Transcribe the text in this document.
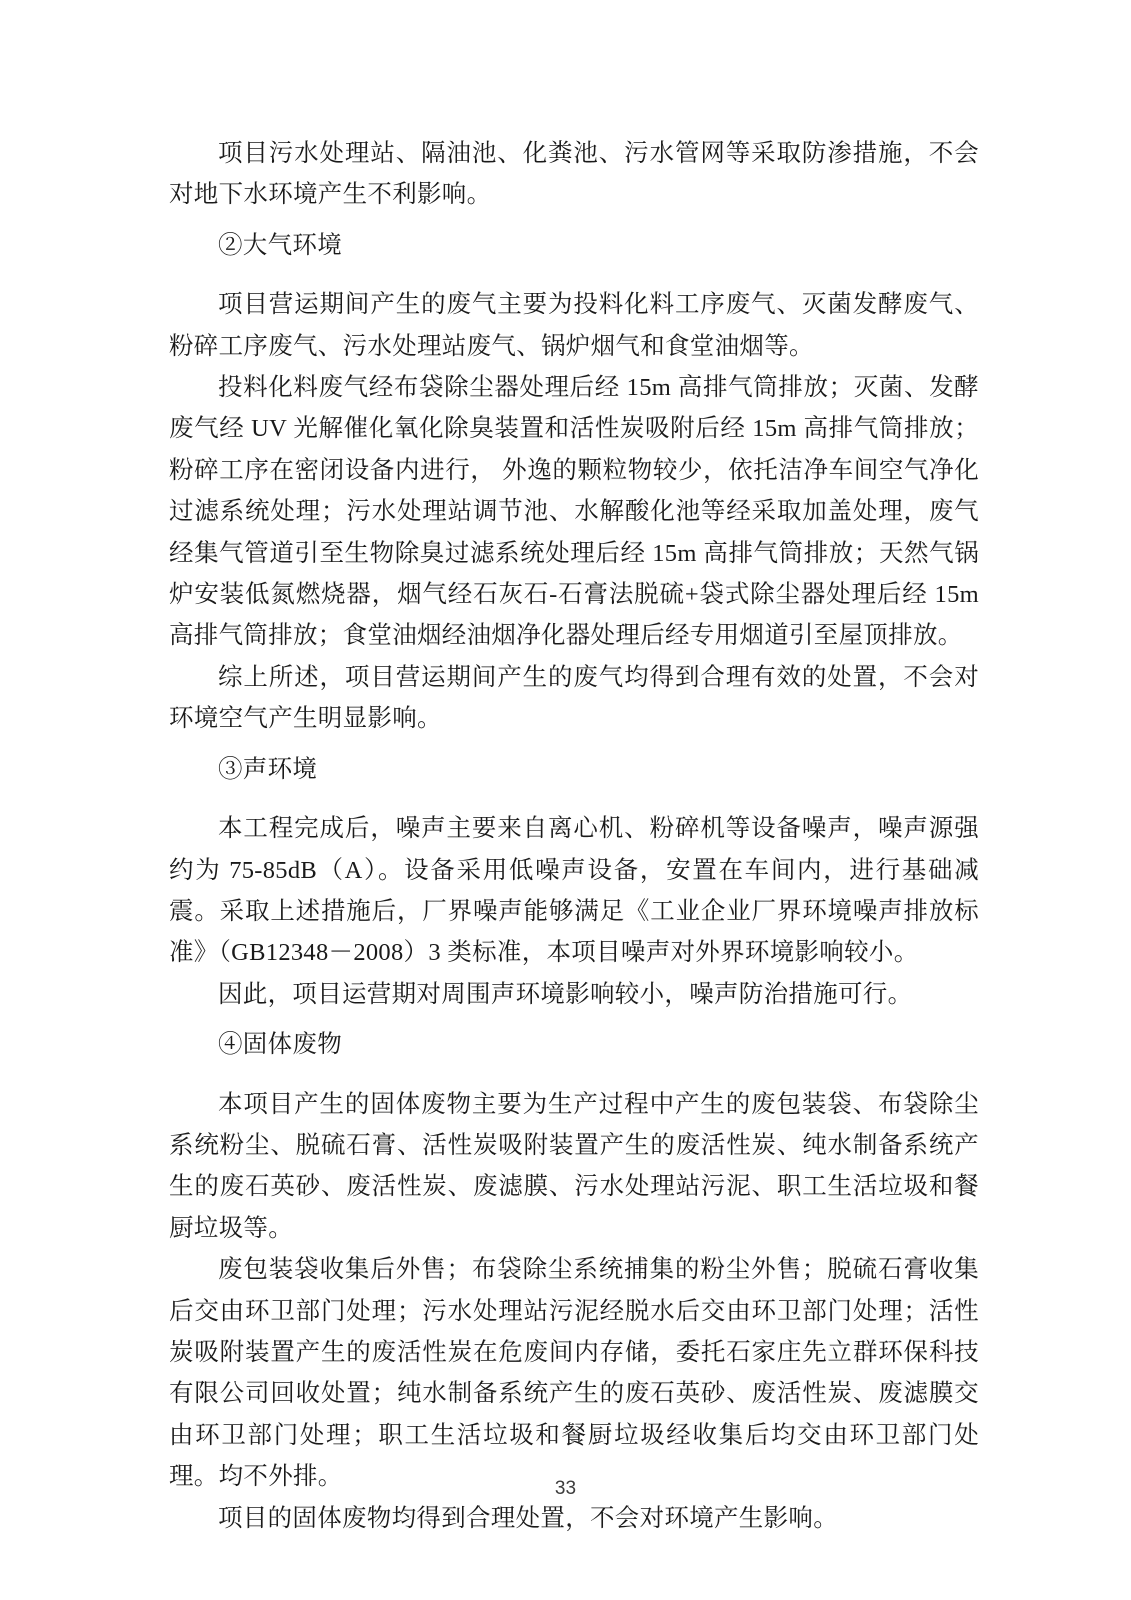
项目污水处理站、隔油池、化粪池、污水管网等采取防渗措施，不会对地下水环境产生不利影响。

②大气环境

项目营运期间产生的废气主要为投料化料工序废气、灭菌发酵废气、粉碎工序废气、污水处理站废气、锅炉烟气和食堂油烟等。

投料化料废气经布袋除尘器处理后经 15m 高排气筒排放；灭菌、发酵废气经 UV 光解催化氧化除臭装置和活性炭吸附后经 15m 高排气筒排放；粉碎工序在密闭设备内进行， 外逸的颗粒物较少，依托洁净车间空气净化过滤系统处理；污水处理站调节池、水解酸化池等经采取加盖处理，废气经集气管道引至生物除臭过滤系统处理后经 15m 高排气筒排放；天然气锅炉安装低氮燃烧器，烟气经石灰石-石膏法脱硫+袋式除尘器处理后经 15m 高排气筒排放；食堂油烟经油烟净化器处理后经专用烟道引至屋顶排放。

综上所述，项目营运期间产生的废气均得到合理有效的处置，不会对环境空气产生明显影响。

③声环境

本工程完成后，噪声主要来自离心机、粉碎机等设备噪声，噪声源强约为 75-85dB（A）。设备采用低噪声设备，安置在车间内，进行基础减震。采取上述措施后，厂界噪声能够满足《工业企业厂界环境噪声排放标准》（GB12348－2008）3 类标准，本项目噪声对外界环境影响较小。

因此，项目运营期对周围声环境影响较小，噪声防治措施可行。

④固体废物

本项目产生的固体废物主要为生产过程中产生的废包装袋、布袋除尘系统粉尘、脱硫石膏、活性炭吸附装置产生的废活性炭、纯水制备系统产生的废石英砂、废活性炭、废滤膜、污水处理站污泥、职工生活垃圾和餐厨垃圾等。

废包装袋收集后外售；布袋除尘系统捕集的粉尘外售；脱硫石膏收集后交由环卫部门处理；污水处理站污泥经脱水后交由环卫部门处理；活性炭吸附装置产生的废活性炭在危废间内存储，委托石家庄先立群环保科技有限公司回收处置；纯水制备系统产生的废石英砂、废活性炭、废滤膜交由环卫部门处理；职工生活垃圾和餐厨垃圾经收集后均交由环卫部门处理。均不外排。

项目的固体废物均得到合理处置，不会对环境产生影响。

33
